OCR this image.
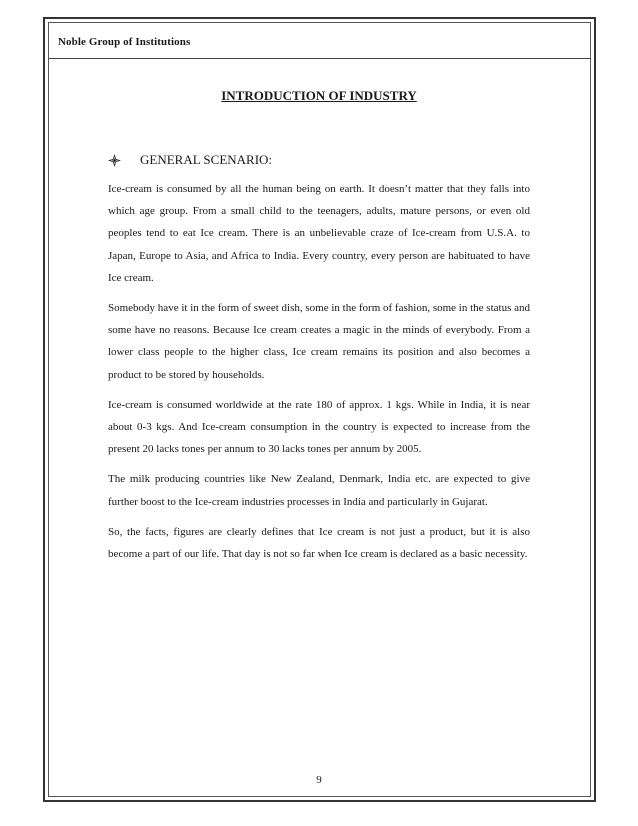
Noble Group of Institutions
INTRODUCTION OF INDUSTRY
GENERAL SCENARIO:

Ice-cream is consumed by all the human being on earth. It doesn’t matter that they falls into which age group. From a small child to the teenagers, adults, mature persons, or even old peoples tend to eat Ice cream. There is an unbelievable craze of Ice-cream from U.S.A. to Japan, Europe to Asia, and Africa to India. Every country, every person are habituated to have Ice cream.

Somebody have it in the form of sweet dish, some in the form of fashion, some in the status and some have no reasons. Because Ice cream creates a magic in the minds of everybody. From a lower class people to the higher class, Ice cream remains its position and also becomes a product to be stored by households.

Ice-cream is consumed worldwide at the rate 180 of approx. 1 kgs. While in India, it is near about 0-3 kgs. And Ice-cream consumption in the country is expected to increase from the present 20 lacks tones per annum to 30 lacks tones per annum by 2005.

The milk producing countries like New Zealand, Denmark, India etc. are expected to give further boost to the Ice-cream industries processes in India and particularly in Gujarat.

So, the facts, figures are clearly defines that Ice cream is not just a product, but it is also become a part of our life. That day is not so far when Ice cream is declared as a basic necessity.

9
